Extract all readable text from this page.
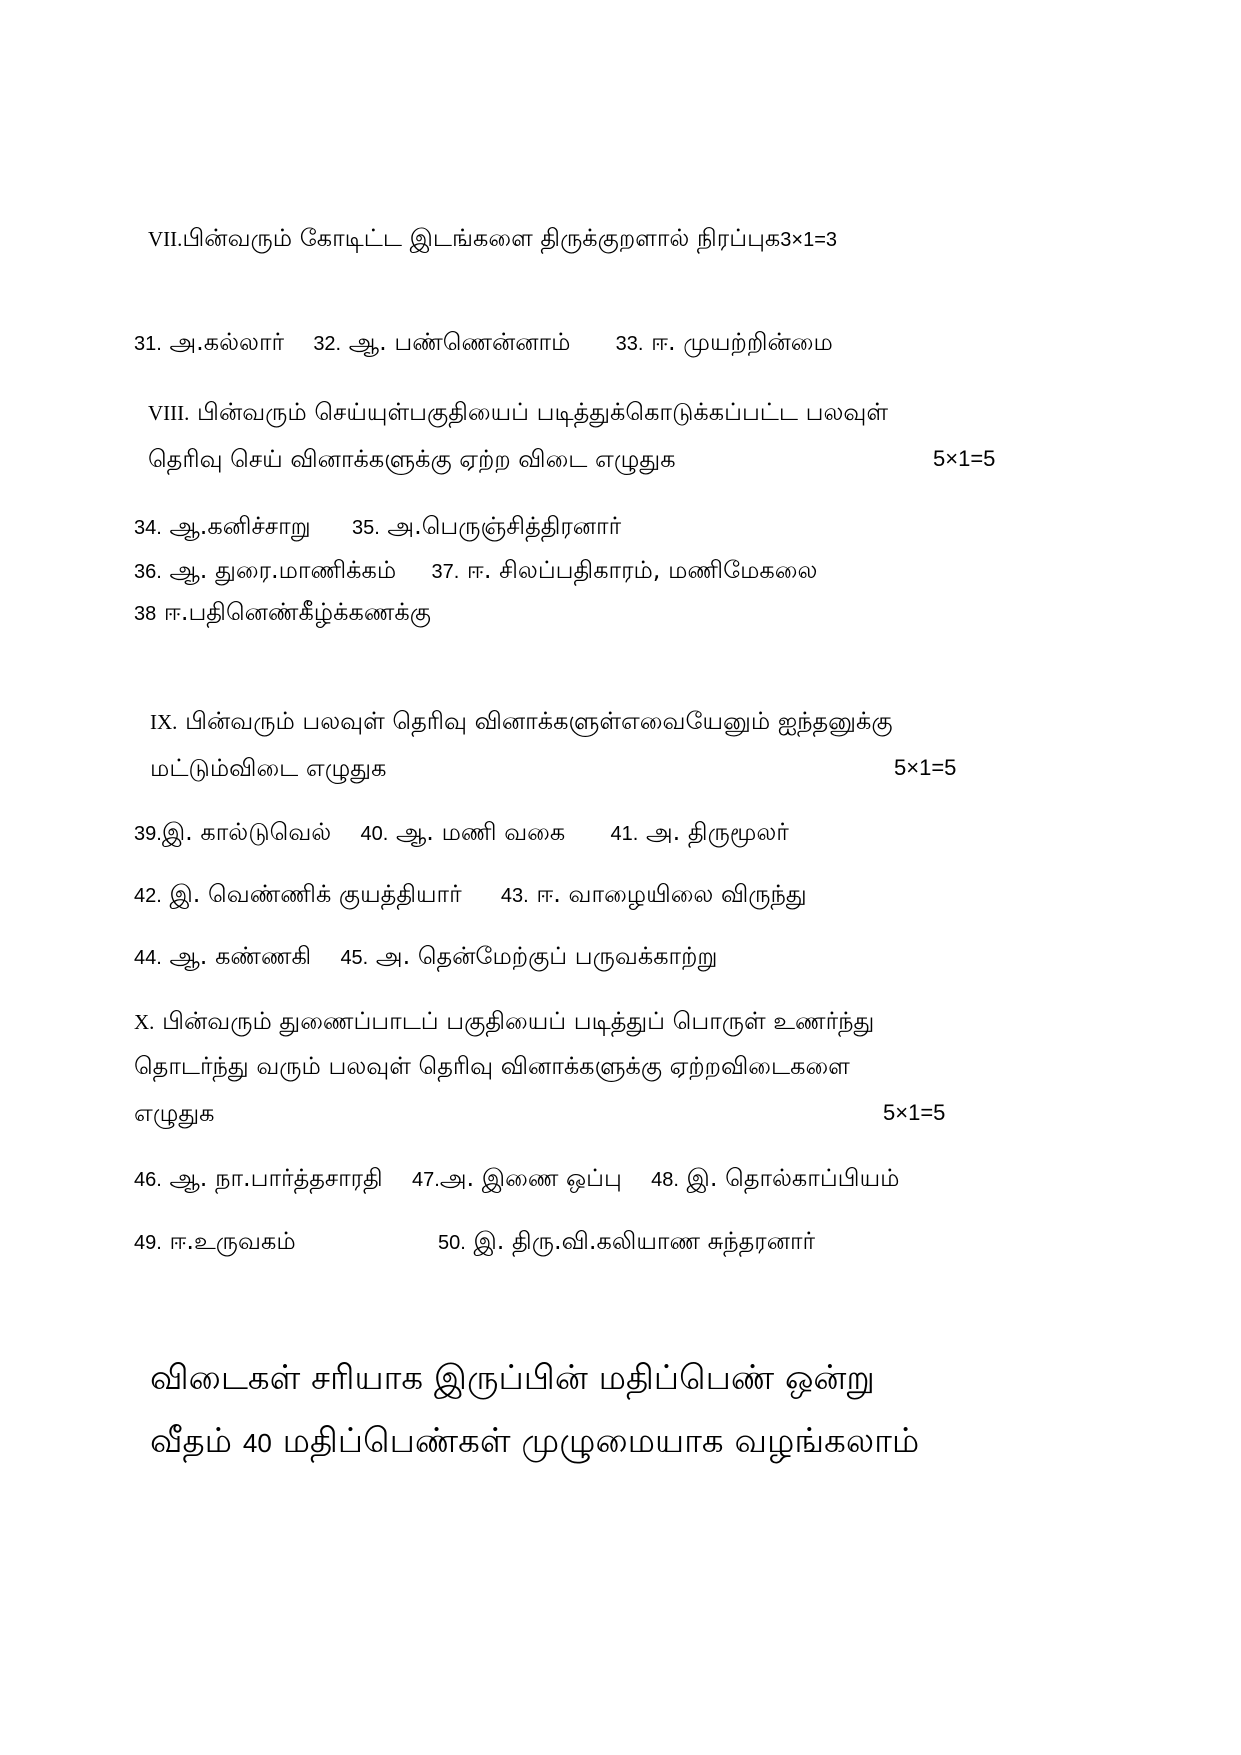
VII.பின்வரும் கோடிட்ட இடங்களை திருக்குறளால் நிரப்புக3×1=3
31. அ.கல்லார் 32. ஆ. பண்ணென்னாம் 33. ஈ. முயற்றின்மை
VIII. பின்வரும் செய்யுள்பகுதியைப் படித்துக்கொடுக்கப்பட்ட பலவுள்
தெரிவு செய் வினாக்களுக்கு ஏற்ற விடை எழுதுக	5×1=5
34. ஆ.கனிச்சாறு 35. அ.பெருஞ்சித்திரனார்
36. ஆ. துரை.மாணிக்கம் 37. ஈ. சிலப்பதிகாரம், மணிமேகலை
38 ஈ.பதினெண்கீழ்க்கணக்கு
IX. பின்வரும் பலவுள் தெரிவு வினாக்களுள்எவையேனும் ஐந்தனுக்கு
மட்டும்விடை எழுதுக	5×1=5
39.இ. கால்டுவெல் 40. ஆ. மணி வகை 41. அ. திருமூலர்
42. இ. வெண்ணிக் குயத்தியார் 43. ஈ. வாழையிலை விருந்து
44. ஆ. கண்ணகி 45. அ. தென்மேற்குப் பருவக்காற்று
X. பின்வரும் துணைப்பாடப் பகுதியைப் படித்துப் பொருள் உணர்ந்து
தொடர்ந்து வரும் பலவுள் தெரிவு வினாக்களுக்கு ஏற்றவிடைகளை
எழுதுக	5×1=5
46. ஆ. நா.பார்த்தசாரதி 47.அ. இணை ஒப்பு 48. இ. தொல்காப்பியம்
49. ஈ.உருவகம்	50. இ. திரு.வி.கலியாண சுந்தரனார்
விடைகள் சரியாக இருப்பின் மதிப்பெண் ஒன்று
வீதம் 40 மதிப்பெண்கள் முழுமையாக வழங்கலாம்
